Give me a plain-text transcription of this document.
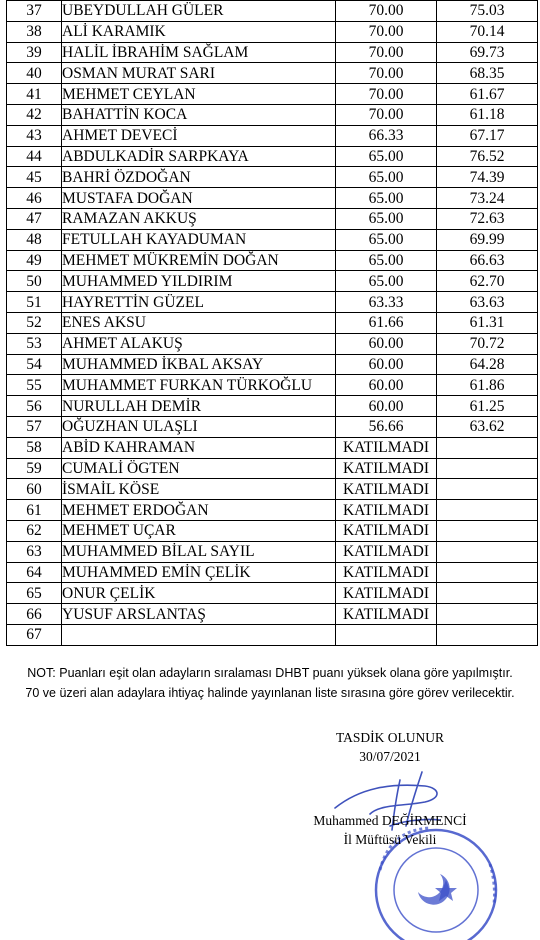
37	UBEYDULLAH GÜLER	70.00	75.03
38	ALİ KARAMIK	70.00	70.14
39	HALİL İBRAHİM SAĞLAM	70.00	69.73
40	OSMAN MURAT SARI	70.00	68.35
41	MEHMET CEYLAN	70.00	61.67
42	BAHATTİN KOCA	70.00	61.18
43	AHMET DEVECİ	66.33	67.17
44	ABDULKADİR SARPKAYA	65.00	76.52
45	BAHRİ ÖZDOĞAN	65.00	74.39
46	MUSTAFA DOĞAN	65.00	73.24
47	RAMAZAN AKKUŞ	65.00	72.63
48	FETULLAH KAYADUMAN	65.00	69.99
49	MEHMET MÜKREMİN DOĞAN	65.00	66.63
50	MUHAMMED YILDIRIM	65.00	62.70
51	HAYRETTİN GÜZEL	63.33	63.63
52	ENES AKSU	61.66	61.31
53	AHMET ALAKUŞ	60.00	70.72
54	MUHAMMED İKBAL AKSAY	60.00	64.28
55	MUHAMMET FURKAN TÜRKOĞLU	60.00	61.86
56	NURULLAH DEMİR	60.00	61.25
57	OĞUZHAN ULAŞLI	56.66	63.62
58	ABİD KAHRAMAN	KATILMADI	
59	CUMALİ ÖGTEN	KATILMADI	
60	İSMAİL KÖSE	KATILMADI	
61	MEHMET ERDOĞAN	KATILMADI	
62	MEHMET UÇAR	KATILMADI	
63	MUHAMMED BİLAL SAYIL	KATILMADI	
64	MUHAMMED EMİN ÇELİK	KATILMADI	
65	ONUR ÇELİK	KATILMADI	
66	YUSUF ARSLANTAŞ	KATILMADI	
67			
NOT: Puanları eşit olan adayların sıralaması DHBT puanı yüksek olana göre yapılmıştır.
70 ve üzeri alan adaylara ihtiyaç halinde yayınlanan liste sırasına göre görev verilecektir.
TASDİK OLUNUR
30/07/2021
Muhammed DEĞİRMENCİ
İl Müftüsü Vekili
